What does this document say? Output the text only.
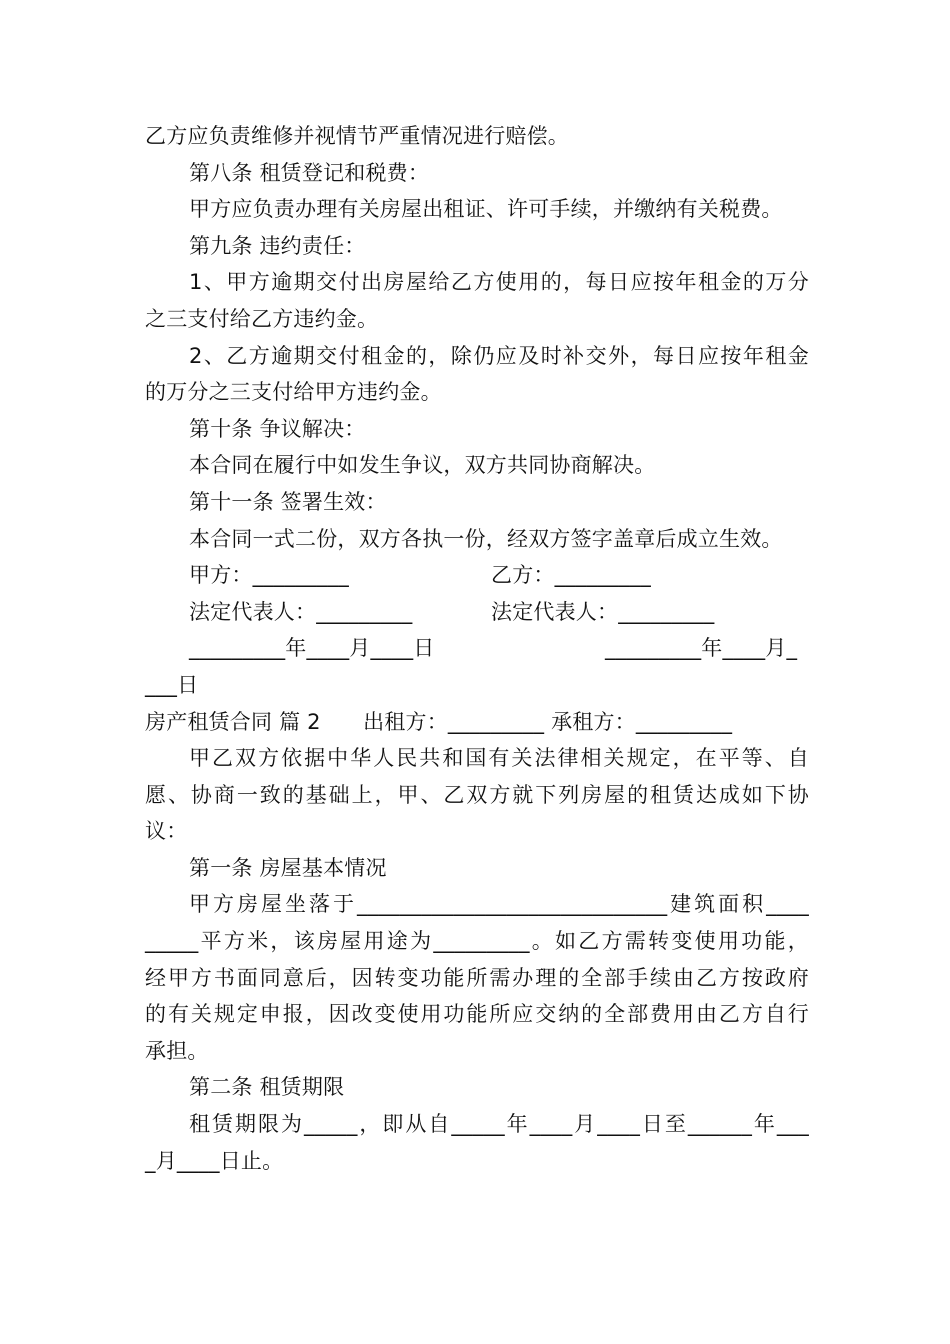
乙方应负责维修并视情节严重情况进行赔偿。
第八条 租赁登记和税费：
甲方应负责办理有关房屋出租证、许可手续，并缴纳有关税费。
第九条 违约责任：
1、甲方逾期交付出房屋给乙方使用的，每日应按年租金的万分
之三支付给乙方违约金。
2、乙方逾期交付租金的，除仍应及时补交外，每日应按年租金
的万分之三支付给甲方违约金。
第十条 争议解决：
本合同在履行中如发生争议，双方共同协商解决。
第十一条 签署生效：
本合同一式二份，双方各执一份，经双方签字盖章后成立生效。
甲方：_________	乙方：_________
法定代表人：_________	法定代表人：_________
_________年____月____日	_________年____月_
___日
房产租赁合同 篇 2　　出租方：_________ 承租方：_________
甲乙双方依据中华人民共和国有关法律相关规定，在平等、自
愿、协商一致的基础上，甲、乙双方就下列房屋的租赁达成如下协
议：
第一条 房屋基本情况
甲方房屋坐落于_____________________________建筑面积____
_____平方米，该房屋用途为_________。如乙方需转变使用功能，
经甲方书面同意后，因转变功能所需办理的全部手续由乙方按政府
的有关规定申报，因改变使用功能所应交纳的全部费用由乙方自行
承担。
第二条 租赁期限
租赁期限为_____，即从自_____年____月____日至______年___
_月____日止。
